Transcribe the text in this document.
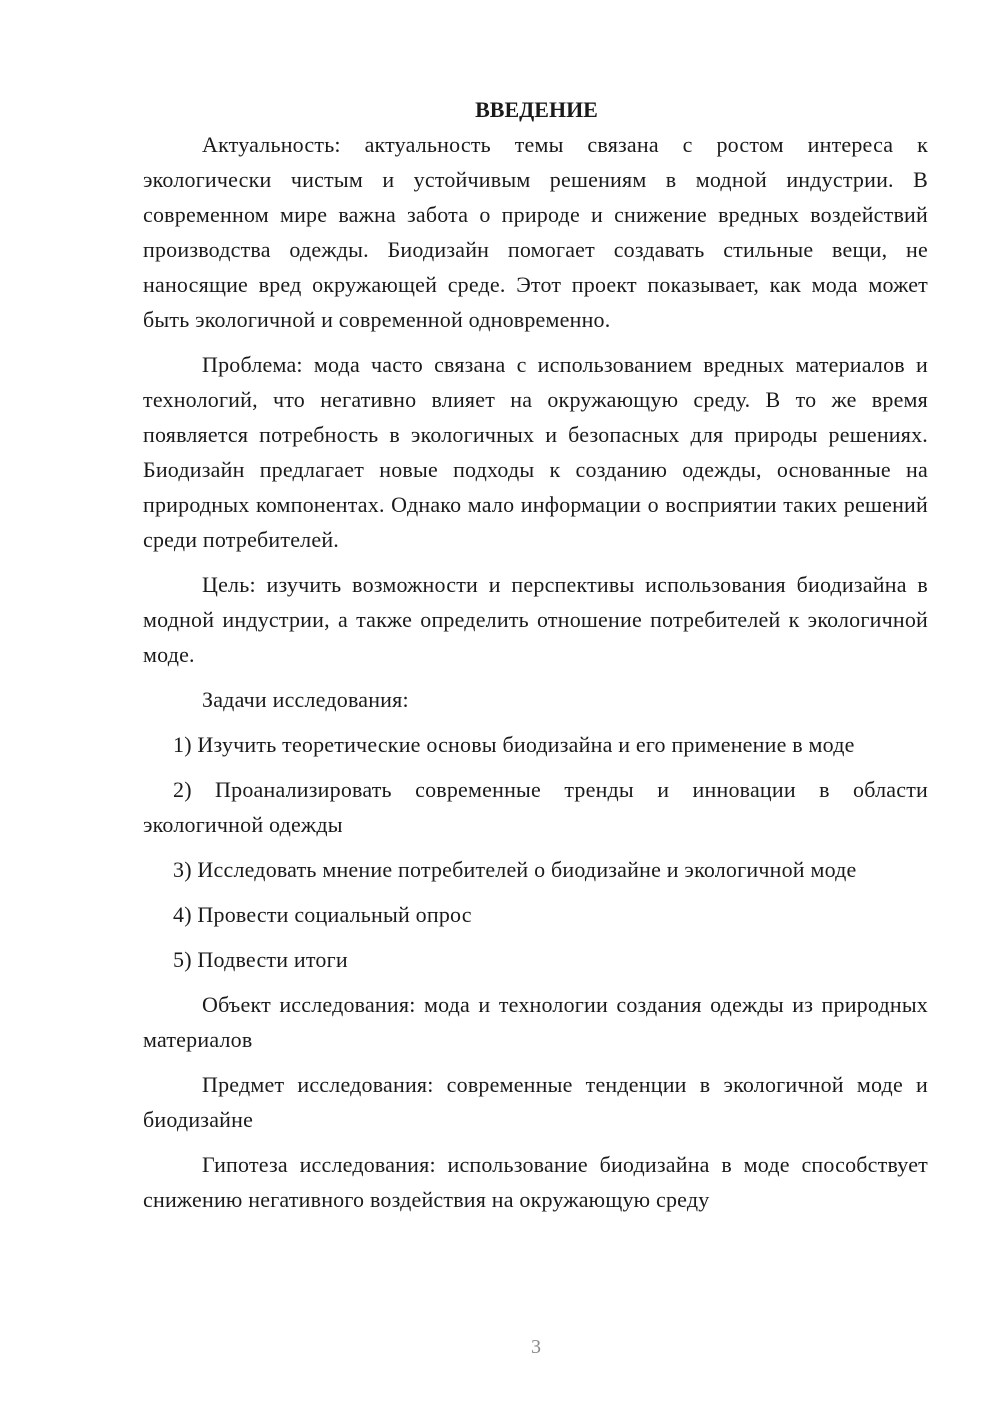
ВВЕДЕНИЕ

Актуальность: актуальность темы связана с ростом интереса к экологически чистым и устойчивым решениям в модной индустрии. В современном мире важна забота о природе и снижение вредных воздействий производства одежды. Биодизайн помогает создавать стильные вещи, не наносящие вред окружающей среде. Этот проект показывает, как мода может быть экологичной и современной одновременно.

Проблема: мода часто связана с использованием вредных материалов и технологий, что негативно влияет на окружающую среду. В то же время появляется потребность в экологичных и безопасных для природы решениях. Биодизайн предлагает новые подходы к созданию одежды, основанные на природных компонентах. Однако мало информации о восприятии таких решений среди потребителей.

Цель: изучить возможности и перспективы использования биодизайна в модной индустрии, а также определить отношение потребителей к экологичной моде.

Задачи исследования:

1) Изучить теоретические основы биодизайна и его применение в моде

2) Проанализировать современные тренды и инновации в области экологичной одежды

3) Исследовать мнение потребителей о биодизайне и экологичной моде

4) Провести социальный опрос

5) Подвести итоги

Объект исследования: мода и технологии создания одежды из природных материалов

Предмет исследования: современные тенденции в экологичной моде и биодизайне

Гипотеза исследования: использование биодизайна в моде способствует снижению негативного воздействия на окружающую среду

3
